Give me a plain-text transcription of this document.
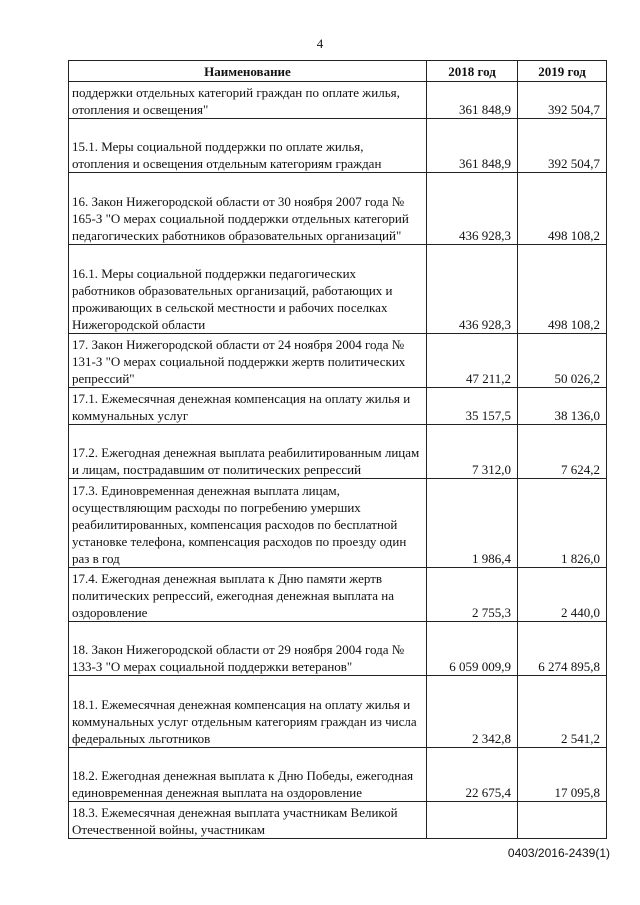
4
Наименование	2018 год	2019 год
поддержки отдельных категорий граждан по оплате жилья, отопления и освещения"	361 848,9	392 504,7
15.1. Меры социальной поддержки по оплате жилья, отопления и освещения отдельным категориям граждан	361 848,9	392 504,7
16. Закон Нижегородской области от 30 ноября 2007 года № 165-З "О мерах социальной поддержки отдельных категорий педагогических работников образовательных организаций"	436 928,3	498 108,2
16.1. Меры социальной поддержки педагогических работников образовательных организаций, работающих и проживающих в сельской местности и рабочих поселках Нижегородской области	436 928,3	498 108,2
17. Закон Нижегородской области от 24 ноября 2004 года № 131-З "О мерах социальной поддержки жертв политических репрессий"	47 211,2	50 026,2
17.1. Ежемесячная денежная компенсация на оплату жилья и коммунальных услуг	35 157,5	38 136,0
17.2. Ежегодная денежная выплата реабилитированным лицам и лицам, пострадавшим от политических репрессий	7 312,0	7 624,2
17.3. Единовременная денежная выплата лицам, осуществляющим расходы по погребению умерших реабилитированных, компенсация расходов по бесплатной установке телефона, компенсация расходов по проезду один раз в год	1 986,4	1 826,0
17.4. Ежегодная денежная выплата к Дню памяти жертв политических репрессий, ежегодная денежная выплата на оздоровление	2 755,3	2 440,0
18. Закон Нижегородской области от 29 ноября 2004 года № 133-З "О мерах социальной поддержки ветеранов"	6 059 009,9	6 274 895,8
18.1. Ежемесячная денежная компенсация на оплату жилья и коммунальных услуг отдельным категориям граждан из числа федеральных льготников	2 342,8	2 541,2
18.2. Ежегодная денежная выплата к Дню Победы, ежегодная единовременная денежная выплата на оздоровление	22 675,4	17 095,8
18.3. Ежемесячная денежная выплата участникам Великой Отечественной войны, участникам		
0403/2016-2439(1)
